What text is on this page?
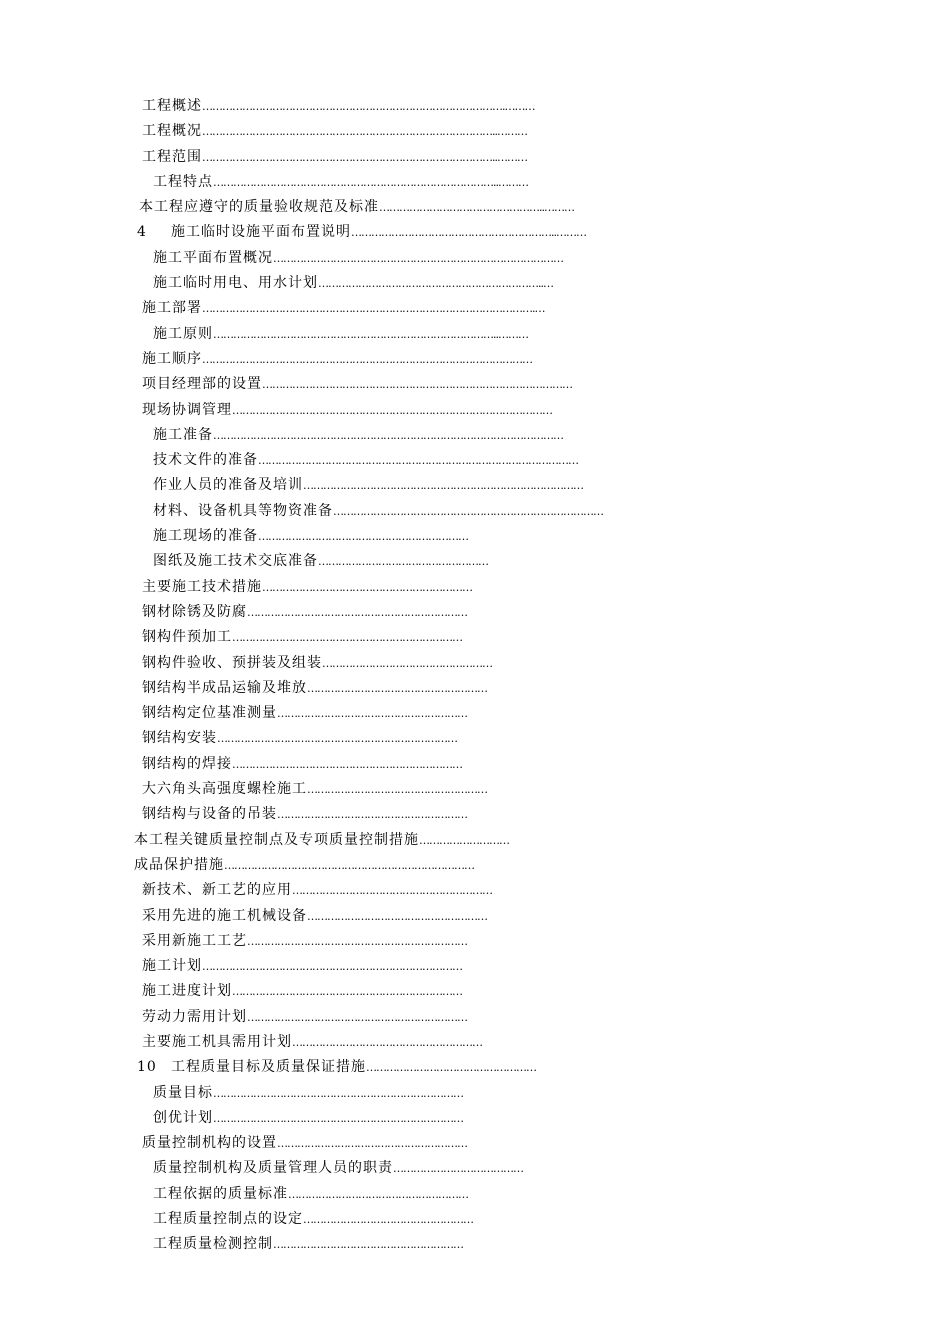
工程概述……………………………………………………………………………….………
工程概况……………………………………………………………………………..………
工程范围……………………………………………………………………………..………
工程特点…………………………………………………………………………..………
本工程应遵守的质量验收规范及标准…………………………………………..………
4 施工临时设施平面布置说明……………………………………………………..………
施工平面布置概况……………………………………………………………………………
施工临时用电、用水计划…………………………………………………………..…
施工部署……………………………………………………………………………………….…
施工原则…………………………………………………………………………..………
施工顺序………………………………………………………………………………………
项目经理部的设置…………………………………………………………………………………
现场协调管理……………………………………………………………………………………
施工准备……………………………………………………………………………………………
技术文件的准备……………………………………………………………………………………
作业人员的准备及培训…………………………………………………………………………
材料、设备机具等物资准备………………………………………………………………………
施工现场的准备………………………………………………………
图纸及施工技术交底准备……………………………………………
主要施工技术措施………………………………………………………
钢材除锈及防腐…………………………………………………………
钢构件预加工……………………………………………………………
钢构件验收、预拼装及组装……………………………………………
钢结构半成品运输及堆放………………………………………………
钢结构定位基准测量…………………………………………………
钢结构安装………………………………………………………………
钢结构的焊接……………………………………………………………
大六角头高强度螺栓施工………………………………………………
钢结构与设备的吊装…………………………………………………
本工程关键质量控制点及专项质量控制措施………………………
成品保护措施…………………………………………………………………
新技术、新工艺的应用……………………………………………………
采用先进的施工机械设备………………………………………………
采用新施工工艺…………………………………………………………
施工计划……………………………………………………………………
施工进度计划……………………………………………………………
劳动力需用计划…………………………………………………………
主要施工机具需用计划…………………………………………………
10 工程质量目标及质量保证措施……………………………………………
质量目标…………………………………………………………………
创优计划…………………………………………………………………
质量控制机构的设置…………………………………………………
质量控制机构及质量管理人员的职责…………………………………
工程依据的质量标准………………………………………………
工程质量控制点的设定……………………………………………
工程质量检测控制…………………………………………………
